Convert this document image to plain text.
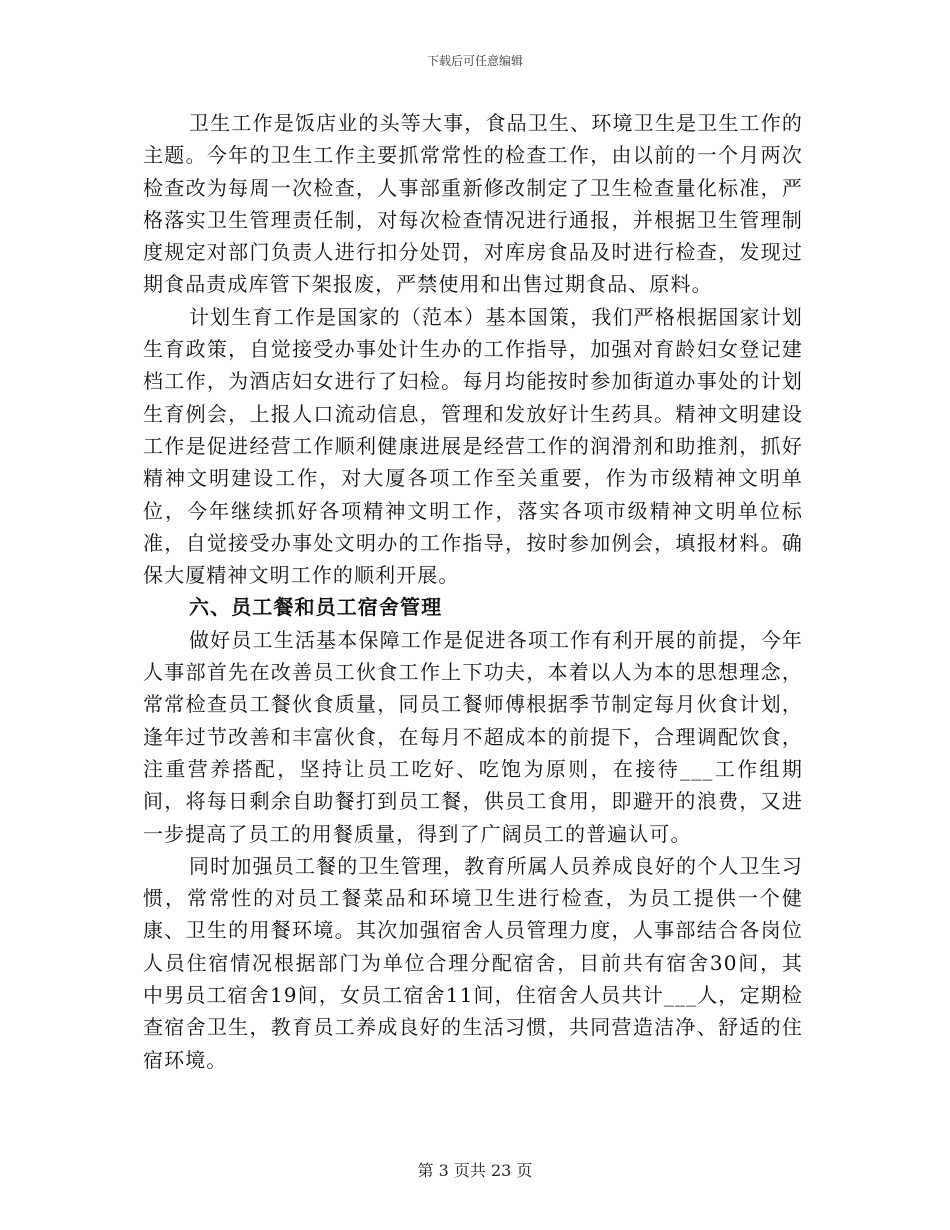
下载后可任意编辑

卫生工作是饭店业的头等大事，食品卫生、环境卫生是卫生工作的主题。今年的卫生工作主要抓常常性的检查工作，由以前的一个月两次检查改为每周一次检查，人事部重新修改制定了卫生检查量化标准，严格落实卫生管理责任制，对每次检查情况进行通报，并根据卫生管理制度规定对部门负责人进行扣分处罚，对库房食品及时进行检查，发现过期食品责成库管下架报废，严禁使用和出售过期食品、原料。

计划生育工作是国家的（范本）基本国策，我们严格根据国家计划生育政策，自觉接受办事处计生办的工作指导，加强对育龄妇女登记建档工作，为酒店妇女进行了妇检。每月均能按时参加街道办事处的计划生育例会，上报人口流动信息，管理和发放好计生药具。精神文明建设工作是促进经营工作顺利健康进展是经营工作的润滑剂和助推剂，抓好精神文明建设工作，对大厦各项工作至关重要，作为市级精神文明单位，今年继续抓好各项精神文明工作，落实各项市级精神文明单位标准，自觉接受办事处文明办的工作指导，按时参加例会，填报材料。确保大厦精神文明工作的顺利开展。

六、员工餐和员工宿舍管理

做好员工生活基本保障工作是促进各项工作有利开展的前提，今年人事部首先在改善员工伙食工作上下功夫，本着以人为本的思想理念，常常检查员工餐伙食质量，同员工餐师傅根据季节制定每月伙食计划，逢年过节改善和丰富伙食，在每月不超成本的前提下，合理调配饮食，注重营养搭配，坚持让员工吃好、吃饱为原则，在接待___工作组期间，将每日剩余自助餐打到员工餐，供员工食用，即避开的浪费，又进一步提高了员工的用餐质量，得到了广阔员工的普遍认可。

同时加强员工餐的卫生管理，教育所属人员养成良好的个人卫生习惯，常常性的对员工餐菜品和环境卫生进行检查，为员工提供一个健康、卫生的用餐环境。其次加强宿舍人员管理力度，人事部结合各岗位人员住宿情况根据部门为单位合理分配宿舍，目前共有宿舍30间，其中男员工宿舍19间，女员工宿舍11间，住宿舍人员共计___人，定期检查宿舍卫生，教育员工养成良好的生活习惯，共同营造洁净、舒适的住宿环境。

第 3 页共 23 页
